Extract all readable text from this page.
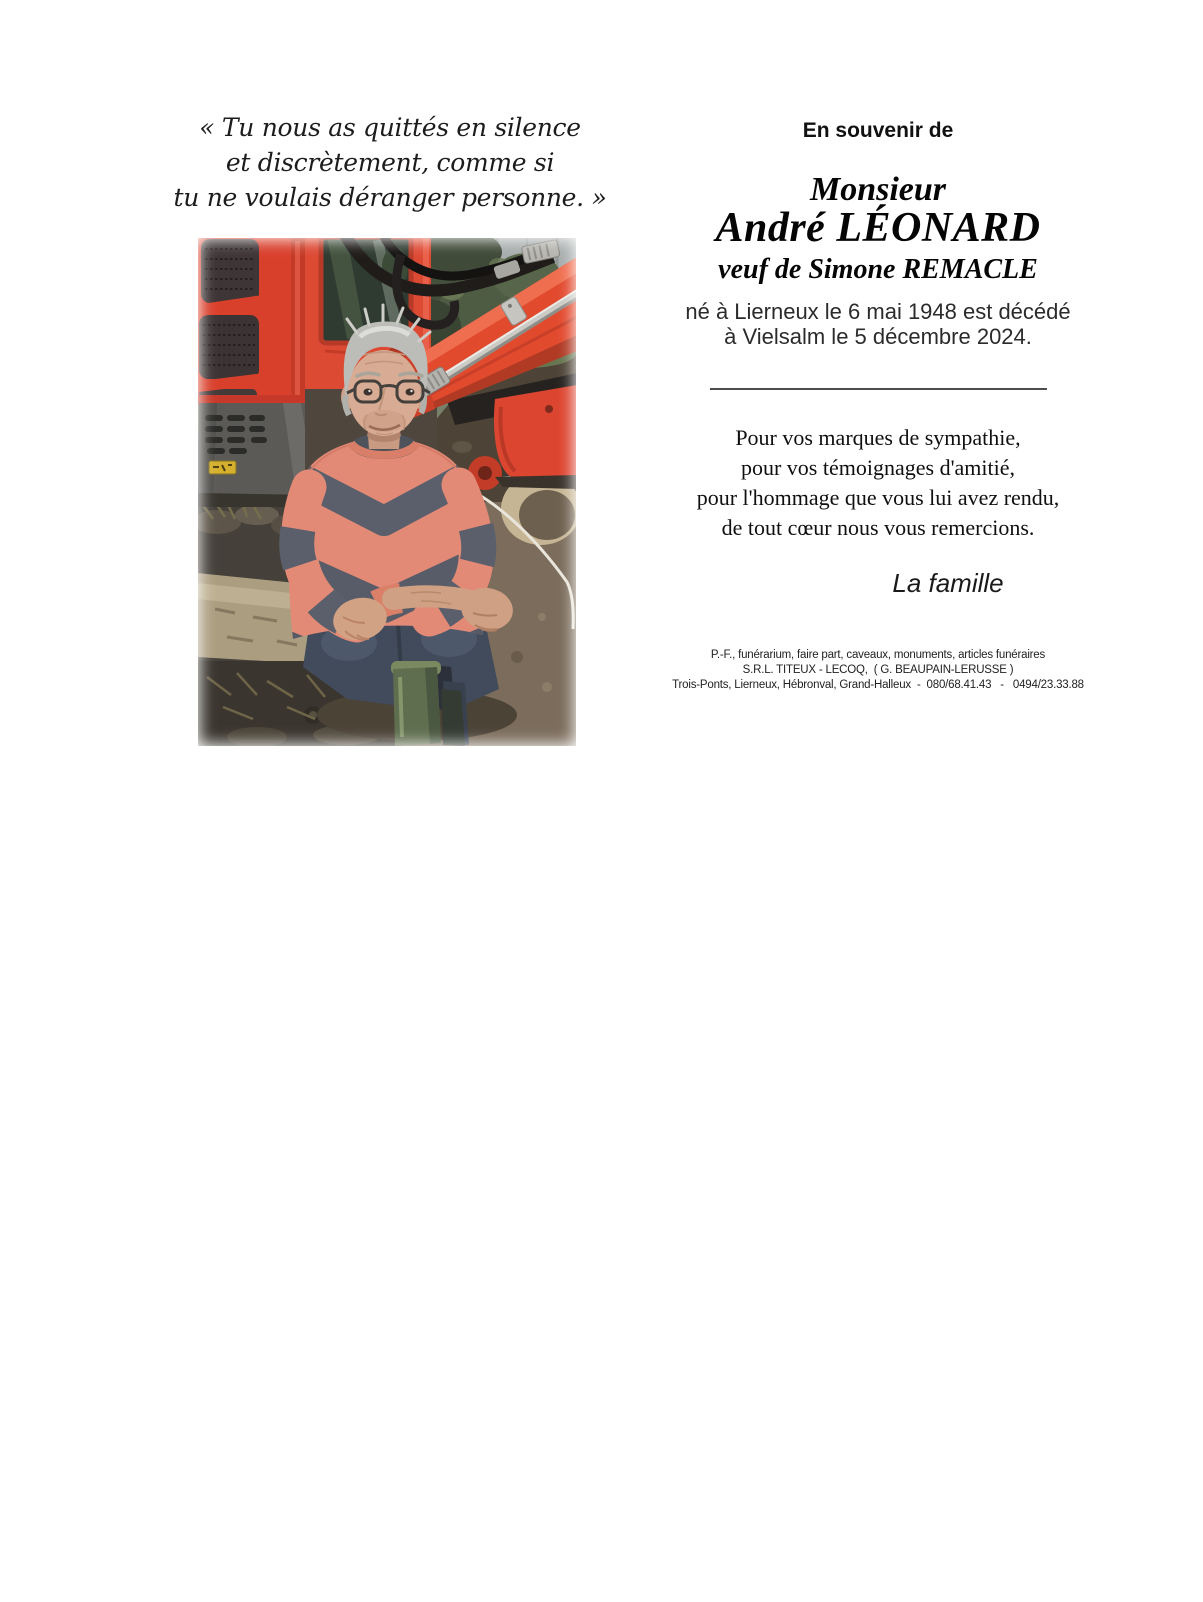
« Tu nous as quittés en silence
et discrètement, comme si
tu ne voulais déranger personne. »
En souvenir de
Monsieur
André LÉONARD
veuf de Simone REMACLE
né à Lierneux le 6 mai 1948 est décédé
à Vielsalm le 5 décembre 2024.
Pour vos marques de sympathie,
pour vos témoignages d'amitié,
pour l'hommage que vous lui avez rendu,
de tout cœur nous vous remercions.
La famille
P.-F., funérarium, faire part, caveaux, monuments, articles funéraires
S.R.L. TITEUX - LECOQ,  ( G. BEAUPAIN-LERUSSE )
Trois-Ponts, Lierneux, Hébronval, Grand-Halleux  -  080/68.41.43   -   0494/23.33.88
